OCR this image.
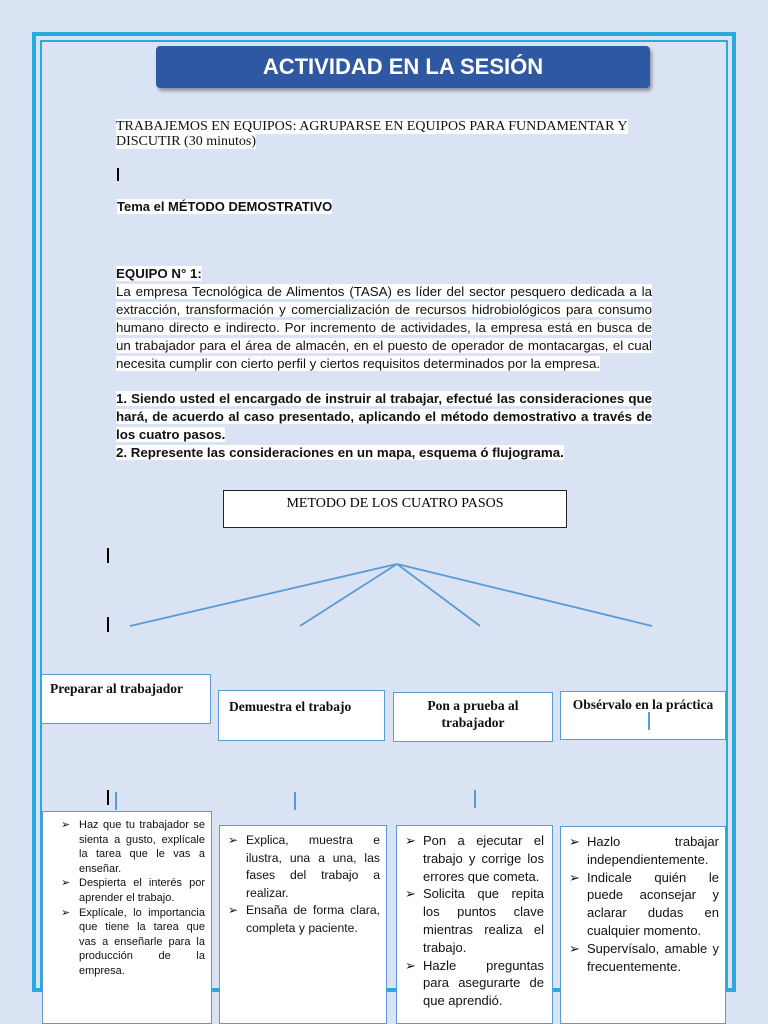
ACTIVIDAD EN LA SESIÓN
TRABAJEMOS EN EQUIPOS: AGRUPARSE EN EQUIPOS PARA FUNDAMENTAR Y
DISCUTIR (30 minutos)
Tema el MÉTODO DEMOSTRATIVO
EQUIPO N° 1:
La empresa Tecnológica de Alimentos (TASA) es líder del sector pesquero dedicada a la extracción, transformación y comercialización de recursos hidrobiológicos para consumo humano directo e indirecto. Por incremento de actividades, la empresa está en busca de un trabajador para el área de almacén, en el puesto de operador de montacargas, el cual necesita cumplir con cierto perfil y ciertos requisitos determinados por la empresa.
1. Siendo usted el encargado de instruir al trabajar, efectué las consideraciones que hará, de acuerdo al caso presentado, aplicando el método demostrativo a través de los cuatro pasos.
2. Represente las consideraciones en un mapa, esquema ó flujograma.
METODO DE LOS CUATRO PASOS
Preparar al trabajador
Demuestra el trabajo	Pon a prueba al trabajador
Obsérvalo en la práctica
➢ Haz que tu trabajador se sienta a gusto, explícale la tarea que le vas a enseñar.
➢ Despierta el interés por aprender el trabajo.
➢ Explícale, lo importancia que tiene la tarea que vas a enseñarle para la producción de la empresa.
➢ Explica, muestra e ilustra, una a una, las fases del trabajo a realizar.
➢ Ensaña de forma clara, completa y paciente.
➢ Pon a ejecutar el trabajo y corrige los errores que cometa.
➢ Solicita que repita los puntos clave mientras realiza el trabajo.
➢ Hazle preguntas para asegurarte de que aprendió.
➢ Hazlo trabajar independientemente.
➢ Indicale quién le puede aconsejar y aclarar dudas en cualquier momento.
➢ Supervísalo, amable y frecuentemente.
